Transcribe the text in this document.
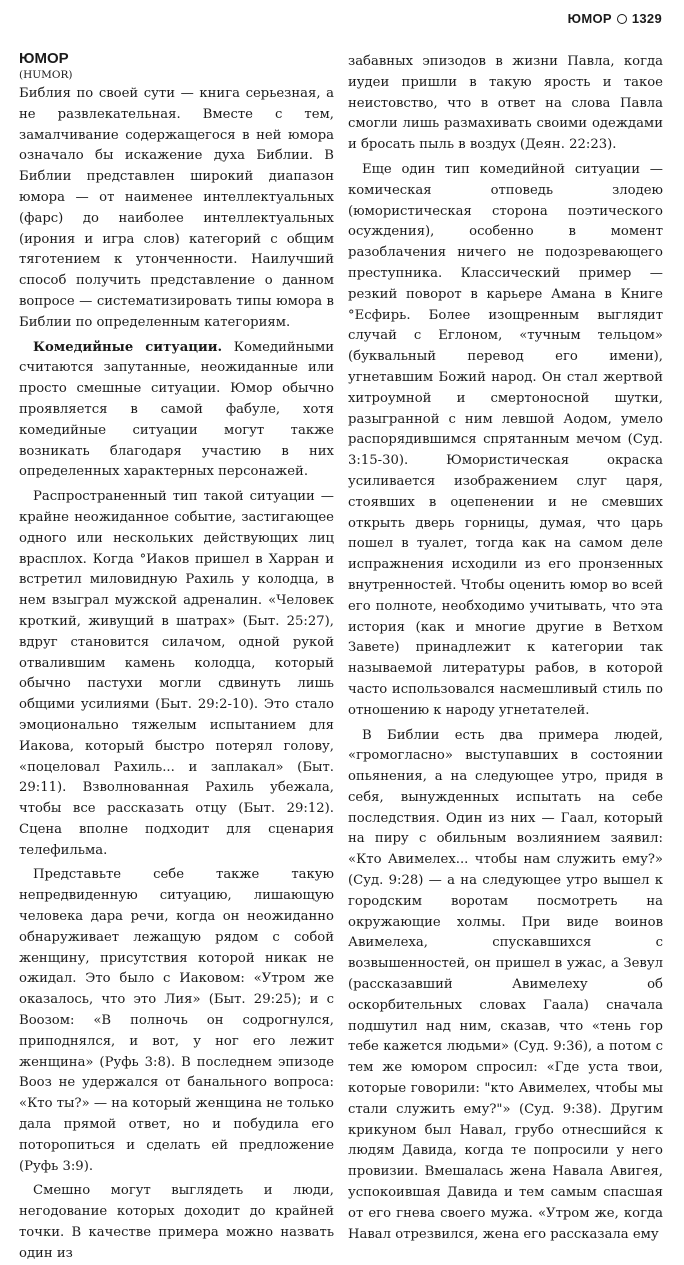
ЮМОР 1329
ЮМОР
(HUMOR)

Библия по своей сути — книга серьезная, а не развлекательная. Вместе с тем, замалчивание содержащегося в ней юмора означало бы искажение духа Библии. В Библии представлен широкий диапазон юмора — от наименее интеллектуальных (фарс) до наиболее интеллектуальных (ирония и игра слов) категорий с общим тяготением к утонченности. Наилучший способ получить представление о данном вопросе — систематизировать типы юмора в Библии по определенным категориям.

Комедийные ситуации. Комедийными считаются запутанные, неожиданные или просто смешные ситуации. Юмор обычно проявляется в самой фабуле, хотя комедийные ситуации могут также возникать благодаря участию в них определенных характерных персонажей.

Распространенный тип такой ситуации — крайне неожиданное событие, застигающее одного или нескольких действующих лиц врасплох. Когда °Иаков пришел в Харран и встретил миловидную Рахиль у колодца, в нем взыграл мужской адреналин. «Человек кроткий, живущий в шатрах» (Быт. 25:27), вдруг становится силачом, одной рукой отвалившим камень колодца, который обычно пастухи могли сдвинуть лишь общими усилиями (Быт. 29:2-10). Это стало эмоционально тяжелым испытанием для Иакова, который быстро потерял голову, «поцеловал Рахиль... и заплакал» (Быт. 29:11). Взволнованная Рахиль убежала, чтобы все рассказать отцу (Быт. 29:12). Сцена вполне подходит для сценария телефильма.

Представьте себе также такую непредвиденную ситуацию, лишающую человека дара речи, когда он неожиданно обнаруживает лежащую рядом с собой женщину, присутствия которой никак не ожидал. Это было с Иаковом: «Утром же оказалось, что это Лия» (Быт. 29:25); и с Воозом: «В полночь он содрогнулся, приподнялся, и вот, у ног его лежит женщина» (Руфь 3:8). В последнем эпизоде Вооз не удержался от банального вопроса: «Кто ты?» — на который женщина не только дала прямой ответ, но и побудила его поторопиться и сделать ей предложение (Руфь 3:9).

Смешно могут выглядеть и люди, негодование которых доходит до крайней точки. В качестве примера можно назвать один из

забавных эпизодов в жизни Павла, когда иудеи пришли в такую ярость и такое неистовство, что в ответ на слова Павла смогли лишь размахивать своими одеждами и бросать пыль в воздух (Деян. 22:23).

Еще один тип комедийной ситуации — комическая отповедь злодею (юмористическая сторона поэтического осуждения), особенно в момент разоблачения ничего не подозревающего преступника. Классический пример — резкий поворот в карьере Амана в Книге °Есфирь. Более изощренным выглядит случай с Еглоном, «тучным тельцом» (буквальный перевод его имени), угнетавшим Божий народ. Он стал жертвой хитроумной и смертоносной шутки, разыгранной с ним левшой Аодом, умело распорядившимся спрятанным мечом (Суд. 3:15-30). Юмористическая окраска усиливается изображением слуг царя, стоявших в оцепенении и не смевших открыть дверь горницы, думая, что царь пошел в туалет, тогда как на самом деле испражнения исходили из его пронзенных внутренностей. Чтобы оценить юмор во всей его полноте, необходимо учитывать, что эта история (как и многие другие в Ветхом Завете) принадлежит к категории так называемой литературы рабов, в которой часто использовался насмешливый стиль по отношению к народу угнетателей.

В Библии есть два примера людей, «громогласно» выступавших в состоянии опьянения, а на следующее утро, придя в себя, вынужденных испытать на себе последствия. Один из них — Гаал, который на пиру с обильным возлиянием заявил: «Кто Авимелех... чтобы нам служить ему?» (Суд. 9:28) — а на следующее утро вышел к городским воротам посмотреть на окружающие холмы. При виде воинов Авимелеха, спускавшихся с возвышенностей, он пришел в ужас, а Зевул (рассказавший Авимелеху об оскорбительных словах Гаала) сначала подшутил над ним, сказав, что «тень гор тебе кажется людьми» (Суд. 9:36), а потом с тем же юмором спросил: «Где уста твои, которые говорили: "кто Авимелех, чтобы мы стали служить ему?"» (Суд. 9:38). Другим крикуном был Навал, грубо отнесшийся к людям Давида, когда те попросили у него провизии. Вмешалась жена Навала Авигея, успокоившая Давида и тем самым спасшая от его гнева своего мужа. «Утром же, когда Навал отрезвился, жена его рассказала ему
